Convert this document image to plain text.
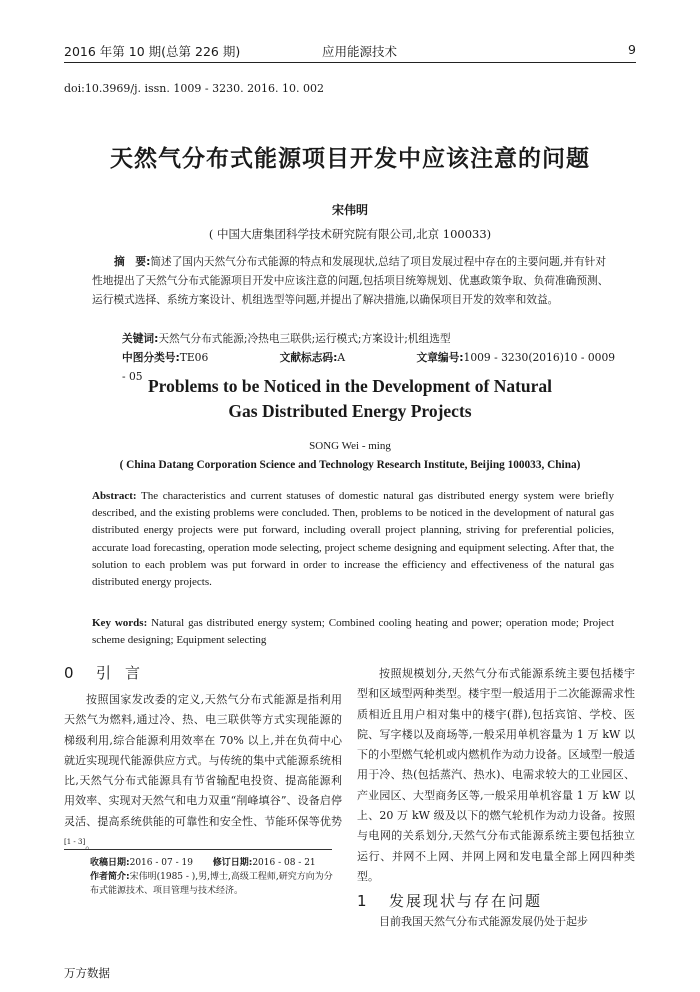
2016 年第 10 期(总第 226 期)	应用能源技术	9
doi:10.3969/j. issn. 1009 - 3230. 2016. 10. 002
天然气分布式能源项目开发中应该注意的问题
宋伟明
( 中国大唐集团科学技术研究院有限公司,北京 100033)
摘　要:简述了国内天然气分布式能源的特点和发展现状,总结了项目发展过程中存在的主要问题,并有针对性地提出了天然气分布式能源项目开发中应该注意的问题,包括项目统筹规划、优惠政策争取、负荷准确预测、运行模式选择、系统方案设计、机组选型等问题,并提出了解决措施,以确保项目开发的效率和效益。
关键词:天然气分布式能源;冷热电三联供;运行模式;方案设计;机组选型
中图分类号:TE06	文献标志码:A	文章编号:1009 - 3230(2016)10 - 0009 - 05 Problems to be Noticed in the Development of Natural
Gas Distributed Energy Projects
SONG Wei - ming
( China Datang Corporation Science and Technology Research Institute, Beijing 100033, China)
Abstract: The characteristics and current statuses of domestic natural gas distributed energy system were briefly described, and the existing problems were concluded. Then, problems to be noticed in the development of natural gas distributed energy projects were put forward, including overall project planning, striving for preferential policies, accurate load forecasting, operation mode selecting, project scheme designing and equipment selecting. After that, the solution to each problem was put forward in order to increase the efficiency and effectiveness of the natural gas distributed energy projects.
Key words: Natural gas distributed energy system; Combined cooling heating and power; operation mode; Project scheme designing; Equipment selecting
0 引言

按照国家发改委的定义,天然气分布式能源是指利用天然气为燃料,通过冷、热、电三联供等方式实现能源的梯级利用,综合能源利用效率在 70% 以上,并在负荷中心就近实现现代能源供应方式。与传统的集中式能源系统相比,天然气分布式能源具有节省输配电投资、提高能源利用效率、实现对天然气和电力双重“削峰填谷”、设备启停灵活、提高系统供能的可靠性和安全性、节能环保等优势[1 - 3]。

收稿日期:2016 - 07 - 19 修订日期:2016 - 08 - 21
作者简介:宋伟明(1985 - ),男,博士,高级工程师,研究方向为分布式能源技术、项目管理与技术经济。

按照规模划分,天然气分布式能源系统主要包括楼宇型和区域型两种类型。楼宇型一般适用于二次能源需求性质相近且用户相对集中的楼宇(群),包括宾馆、学校、医院、写字楼以及商场等,一般采用单机容量为 1 万 kW 以下的小型燃气轮机或内燃机作为动力设备。区域型一般适用于冷、热(包括蒸汽、热水)、电需求较大的工业园区、产业园区、大型商务区等,一般采用单机容量 1 万 kW 以上、20 万 kW 级及以下的燃气轮机作为动力设备。按照与电网的关系划分,天然气分布式能源系统主要包括独立运行、并网不上网、并网上网和发电量全部上网四种类型。

1 发展现状与存在问题

目前我国天然气分布式能源发展仍处于起步

万方数据
